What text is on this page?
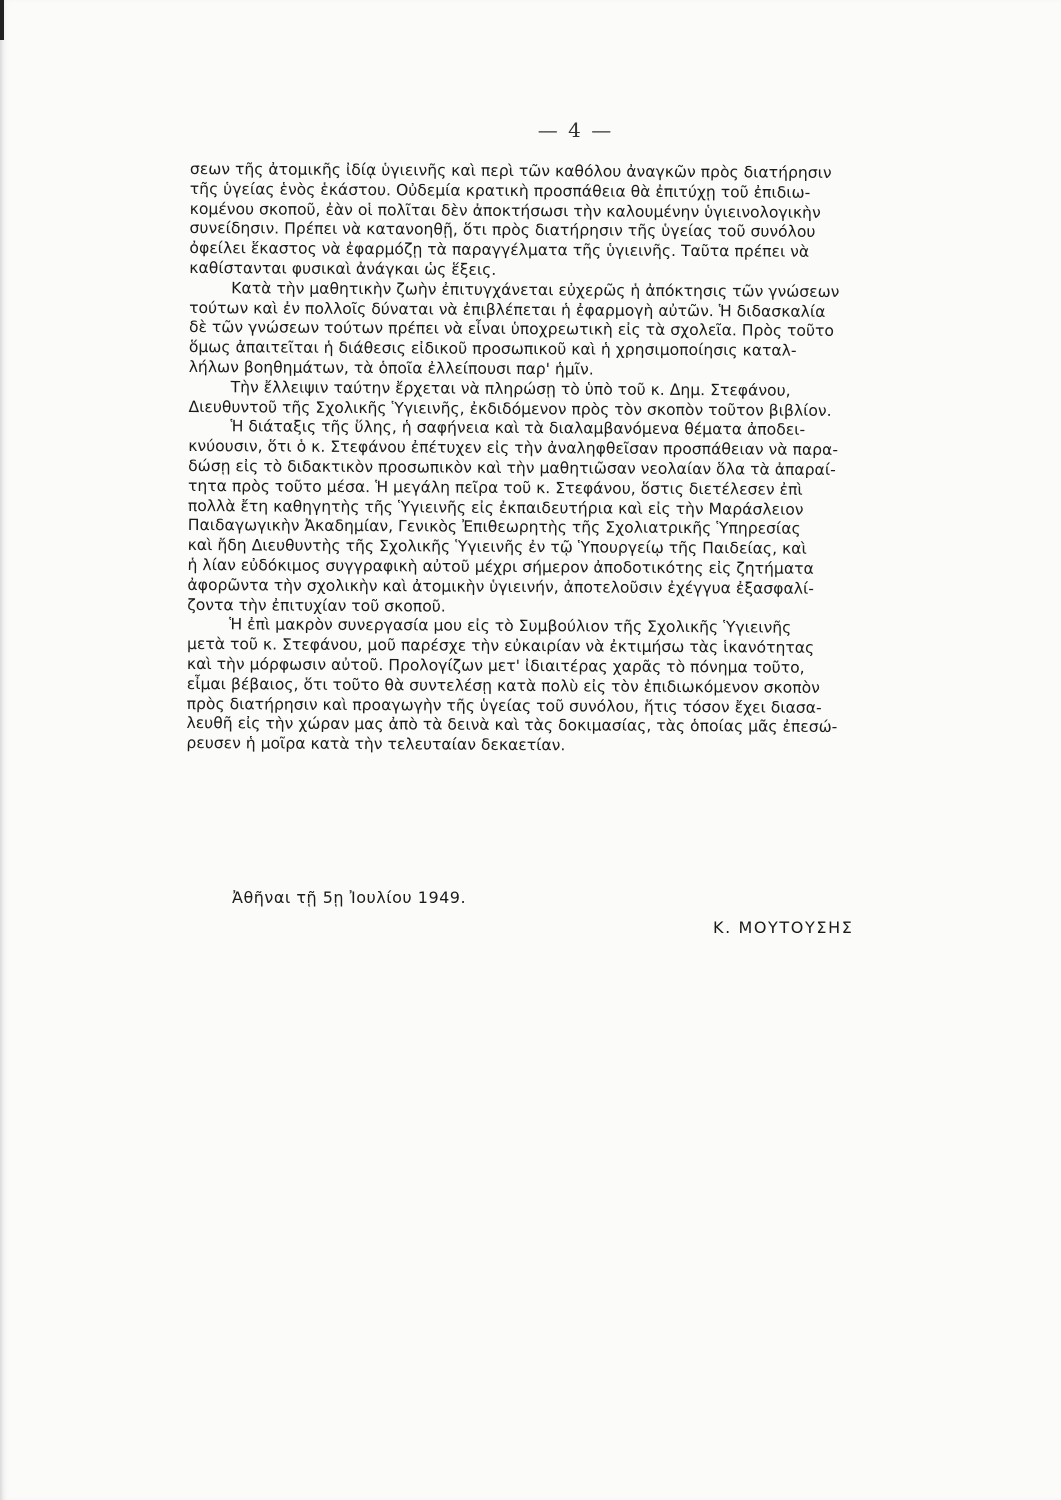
— 4 —

σεων τῆς ἀτομικῆς ἰδίᾳ ὑγιεινῆς καὶ περὶ τῶν καθόλου ἀναγκῶν πρὸς διατήρησιν
τῆς ὑγείας ἑνὸς ἑκάστου. Οὐδεμία κρατικὴ προσπάθεια θὰ ἐπιτύχῃ τοῦ ἐπιδιω-
κομένου σκοποῦ, ἐὰν οἱ πολῖται δὲν ἀποκτήσωσι τὴν καλουμένην ὑγιεινολογικὴν
συνείδησιν. Πρέπει νὰ κατανοηθῇ, ὅτι πρὸς διατήρησιν τῆς ὑγείας τοῦ συνόλου
ὀφείλει ἕκαστος νὰ ἐφαρμόζῃ τὰ παραγγέλματα τῆς ὑγιεινῆς. Ταῦτα πρέπει νὰ
καθίστανται φυσικαὶ ἀνάγκαι ὡς ἕξεις.

Κατὰ τὴν μαθητικὴν ζωὴν ἐπιτυγχάνεται εὐχερῶς ἡ ἀπόκτησις τῶν γνώσεων
τούτων καὶ ἐν πολλοῖς δύναται νὰ ἐπιβλέπεται ἡ ἐφαρμογὴ αὐτῶν. Ἡ διδασκαλία
δὲ τῶν γνώσεων τούτων πρέπει νὰ εἶναι ὑποχρεωτικὴ εἰς τὰ σχολεῖα. Πρὸς τοῦτο
ὅμως ἀπαιτεῖται ἡ διάθεσις εἰδικοῦ προσωπικοῦ καὶ ἡ χρησιμοποίησις καταλ-
λήλων βοηθημάτων, τὰ ὁποῖα ἐλλείπουσι παρ' ἡμῖν.

Τὴν ἔλλειψιν ταύτην ἔρχεται νὰ πληρώσῃ τὸ ὑπὸ τοῦ κ. Δημ. Στεφάνου,
Διευθυντοῦ τῆς Σχολικῆς Ὑγιεινῆς, ἐκδιδόμενον πρὸς τὸν σκοπὸν τοῦτον βιβλίον.

Ἡ διάταξις τῆς ὕλης, ἡ σαφήνεια καὶ τὰ διαλαμβανόμενα θέματα ἀποδει-
κνύουσιν, ὅτι ὁ κ. Στεφάνου ἐπέτυχεν εἰς τὴν ἀναληφθεῖσαν προσπάθειαν νὰ παρα-
δώσῃ εἰς τὸ διδακτικὸν προσωπικὸν καὶ τὴν μαθητιῶσαν νεολαίαν ὅλα τὰ ἀπαραί-
τητα πρὸς τοῦτο μέσα. Ἡ μεγάλη πεῖρα τοῦ κ. Στεφάνου, ὅστις διετέλεσεν ἐπὶ
πολλὰ ἔτη καθηγητὴς τῆς Ὑγιεινῆς εἰς ἐκπαιδευτήρια καὶ εἰς τὴν Μαράσλειον
Παιδαγωγικὴν Ἀκαδημίαν, Γενικὸς Ἐπιθεωρητὴς τῆς Σχολιατρικῆς Ὑπηρεσίας
καὶ ἤδη Διευθυντὴς τῆς Σχολικῆς Ὑγιεινῆς ἐν τῷ Ὑπουργείῳ τῆς Παιδείας, καὶ
ἡ λίαν εὐδόκιμος συγγραφικὴ αὐτοῦ μέχρι σήμερον ἀποδοτικότης εἰς ζητήματα
ἀφορῶντα τὴν σχολικὴν καὶ ἀτομικὴν ὑγιεινήν, ἀποτελοῦσιν ἐχέγγυα ἐξασφαλί-
ζοντα τὴν ἐπιτυχίαν τοῦ σκοποῦ.

Ἡ ἐπὶ μακρὸν συνεργασία μου εἰς τὸ Συμβούλιον τῆς Σχολικῆς Ὑγιεινῆς
μετὰ τοῦ κ. Στεφάνου, μοῦ παρέσχε τὴν εὐκαιρίαν νὰ ἐκτιμήσω τὰς ἱκανότητας
καὶ τὴν μόρφωσιν αὐτοῦ. Προλογίζων μετ' ἰδιαιτέρας χαρᾶς τὸ πόνημα τοῦτο,
εἶμαι βέβαιος, ὅτι τοῦτο θὰ συντελέσῃ κατὰ πολὺ εἰς τὸν ἐπιδιωκόμενον σκοπὸν
πρὸς διατήρησιν καὶ προαγωγὴν τῆς ὑγείας τοῦ συνόλου, ἥτις τόσον ἔχει διασα-
λευθῆ εἰς τὴν χώραν μας ἀπὸ τὰ δεινὰ καὶ τὰς δοκιμασίας, τὰς ὁποίας μᾶς ἐπεσώ-
ρευσεν ἡ μοῖρα κατὰ τὴν τελευταίαν δεκαετίαν.

Ἀθῆναι τῇ 5ῃ Ἰουλίου 1949.
Κ. ΜΟΥΤΟΥΣΗΣ
